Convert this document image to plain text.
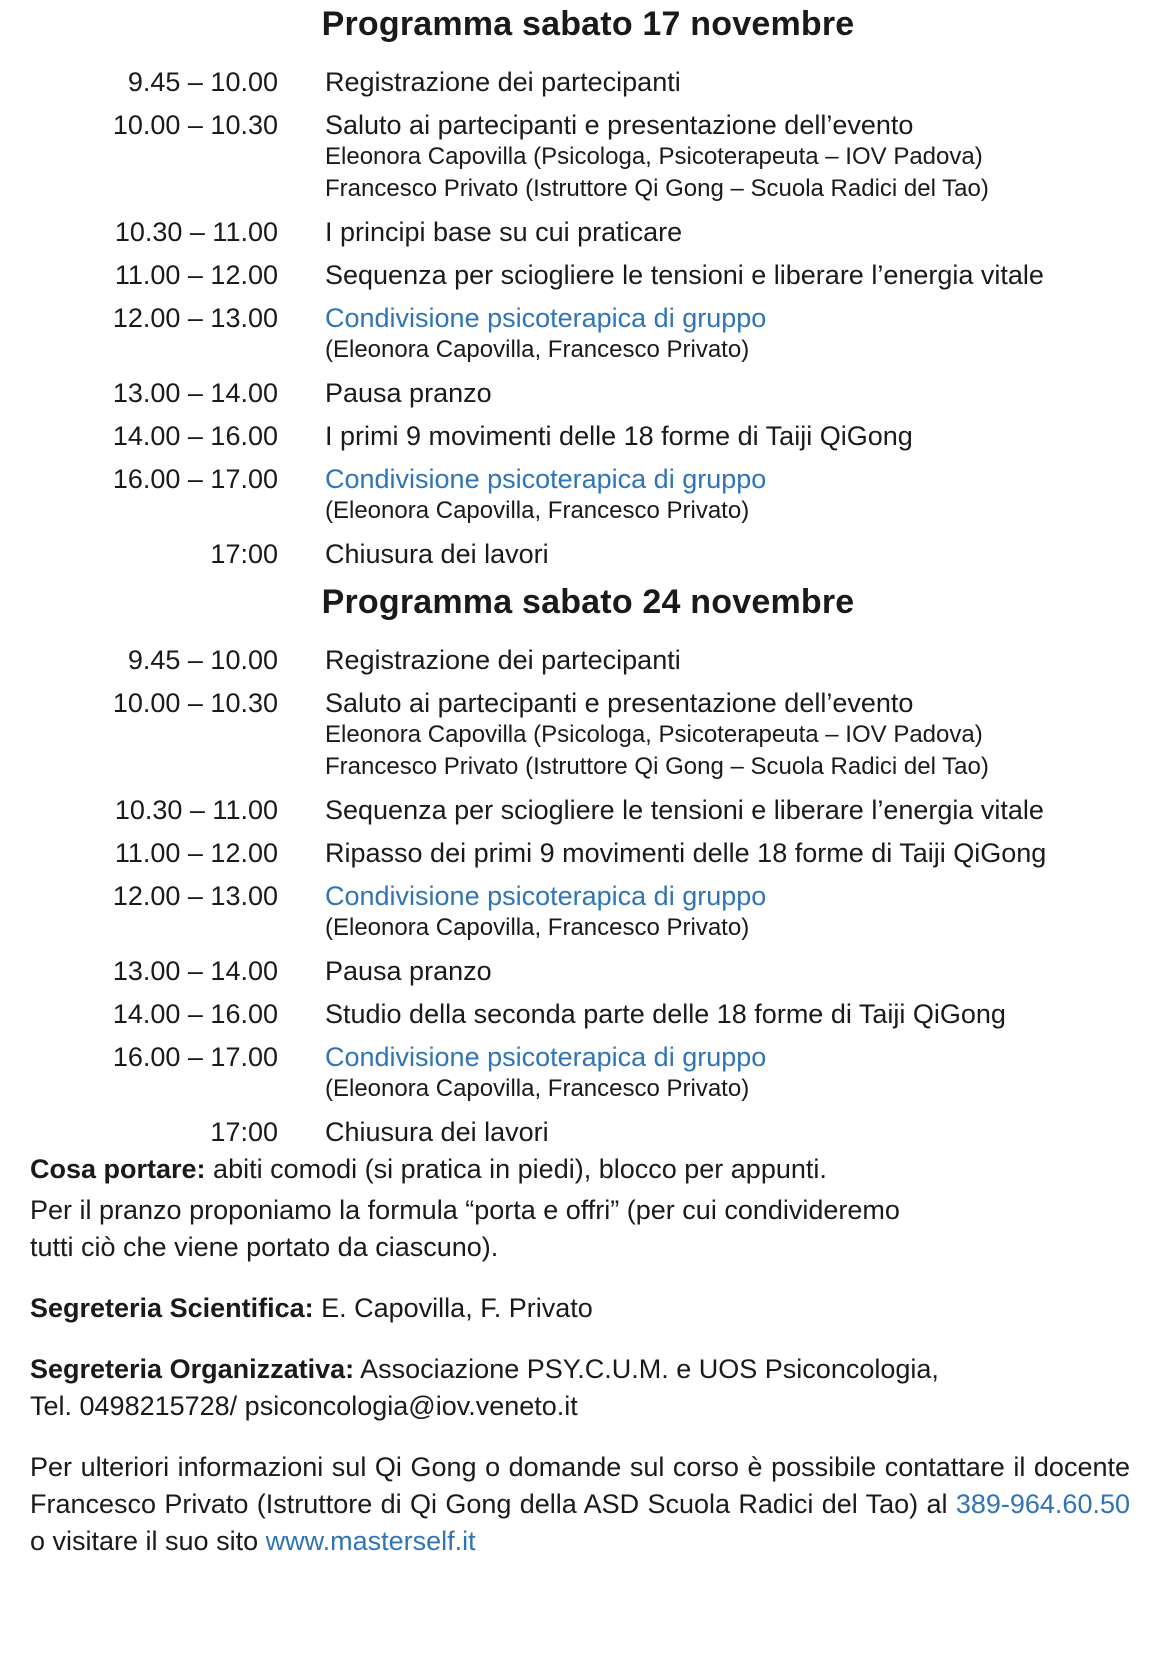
Programma sabato 17 novembre
9.45 – 10.00 Registrazione dei partecipanti
10.00 – 10.30 Saluto ai partecipanti e presentazione dell’evento
Eleonora Capovilla (Psicologa, Psicoterapeuta – IOV Padova)
Francesco Privato (Istruttore Qi Gong – Scuola Radici del Tao)
10.30 – 11.00 I principi base su cui praticare
11.00 – 12.00 Sequenza per sciogliere le tensioni e liberare l’energia vitale
12.00 – 13.00 Condivisione psicoterapica di gruppo
(Eleonora Capovilla, Francesco Privato)
13.00 – 14.00 Pausa pranzo
14.00 – 16.00 I primi 9 movimenti delle 18 forme di Taiji QiGong
16.00 – 17.00 Condivisione psicoterapica di gruppo
(Eleonora Capovilla, Francesco Privato)
17:00 Chiusura dei lavori
Programma sabato 24 novembre
9.45 – 10.00 Registrazione dei partecipanti
10.00 – 10.30 Saluto ai partecipanti e presentazione dell’evento
Eleonora Capovilla (Psicologa, Psicoterapeuta – IOV Padova)
Francesco Privato (Istruttore Qi Gong – Scuola Radici del Tao)
10.30 – 11.00 Sequenza per sciogliere le tensioni e liberare l’energia vitale
11.00 – 12.00 Ripasso dei primi 9 movimenti delle 18 forme di Taiji QiGong
12.00 – 13.00 Condivisione psicoterapica di gruppo
(Eleonora Capovilla, Francesco Privato)
13.00 – 14.00 Pausa pranzo
14.00 – 16.00 Studio della seconda parte delle 18 forme di Taiji QiGong
16.00 – 17.00 Condivisione psicoterapica di gruppo
(Eleonora Capovilla, Francesco Privato)
17:00 Chiusura dei lavori

Cosa portare: abiti comodi (si pratica in piedi), blocco per appunti.

Per il pranzo proponiamo la formula “porta e offri” (per cui condivideremo
tutti ciò che viene portato da ciascuno).

Segreteria Scientifica: E. Capovilla, F. Privato

Segreteria Organizzativa: Associazione PSY.C.U.M. e UOS Psiconcologia,
Tel. 0498215728/ psiconcologia@iov.veneto.it

Per ulteriori informazioni sul Qi Gong o domande sul corso è possibile contattare il docente Francesco Privato (Istruttore di Qi Gong della ASD Scuola Radici del Tao) al 389-964.60.50 o visitare il suo sito www.masterself.it
